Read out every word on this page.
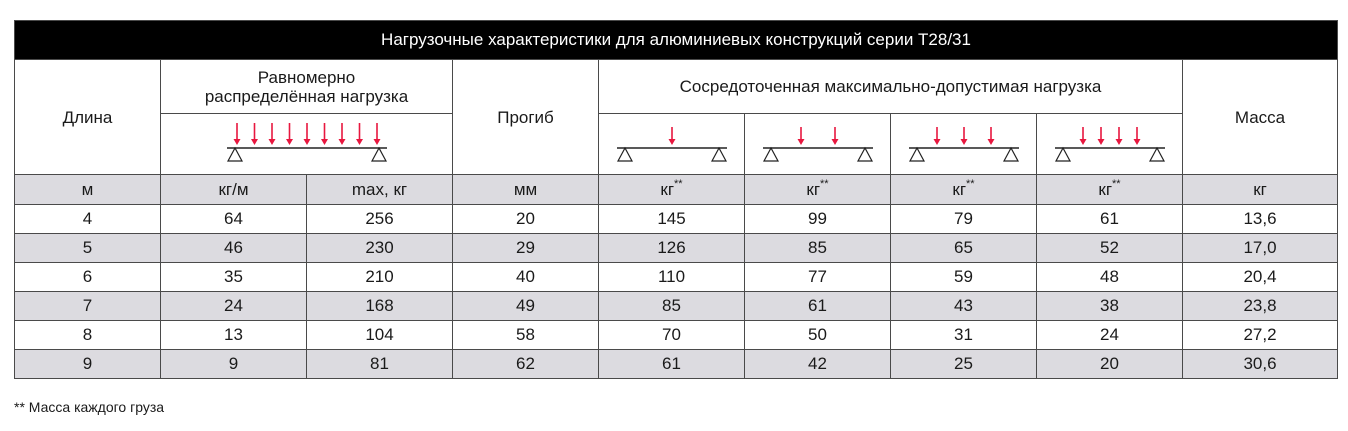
Нагрузочные характеристики для алюминиевых конструкций серии T28/31								
Длина	Равномерно
распределённая нагрузка		Прогиб	Сосредоточенная максимально-допустимая нагрузка				Масса

м	кг/м	max, кг	мм	кг**	кг**	кг**	кг**	кг
4	64	256	20	145	99	79	61	13,6
5	46	230	29	126	85	65	52	17,0
6	35	210	40	110	77	59	48	20,4
7	24	168	49	85	61	43	38	23,8
8	13	104	58	70	50	31	24	27,2
9	9	81	62	61	42	25	20	30,6
** Масса каждого груза
